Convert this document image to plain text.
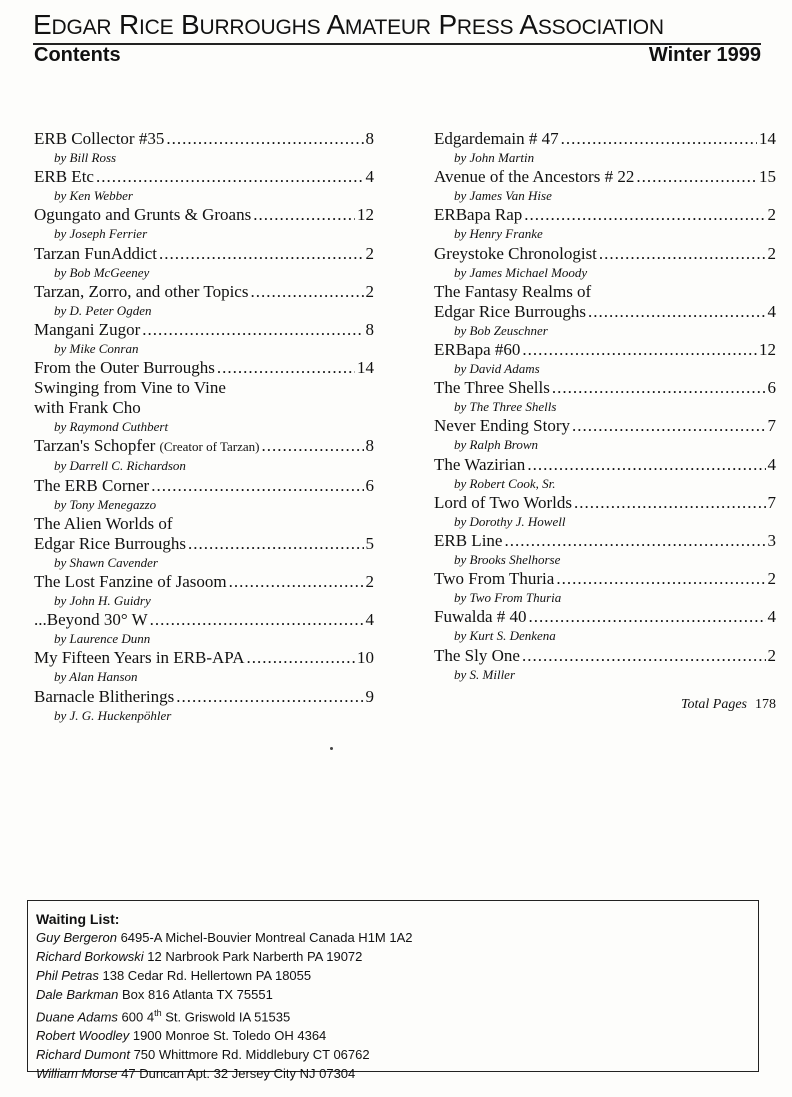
EDGAR RICE BURROUGHS AMATEUR PRESS ASSOCIATION
Contents	Winter 1999
ERB Collector #35 .....	8
by Bill Ross
ERB Etc .....	4
by Ken Webber
Ogungato and Grunts & Groans .....	12
by Joseph Ferrier
Tarzan FunAddict .....	2
by Bob McGeeney
Tarzan, Zorro, and other Topics .....	2
by D. Peter Ogden
Mangani Zugor .....	8
by Mike Conran
From the Outer Burroughs .....	14
Swinging from Vine to Vine
with Frank Cho
by Raymond Cuthbert
Tarzan's Schopfer
(Creator of Tarzan) .....	8
by Darrell C. Richardson
The ERB Corner .....	6
by Tony Menegazzo
The Alien Worlds of
Edgar Rice Burroughs .....	5
by Shawn Cavender
The Lost Fanzine of Jasoom .....	2
by John H. Guidry
...Beyond 30° W .....	4
by Laurence Dunn
My Fifteen Years in ERB-APA .....	10
by Alan Hanson
Barnacle Blitherings .....	9
by J. G. Huckenpöhler
Edgardemain # 47 .....	14
by John Martin
Avenue of the Ancestors # 22 .....	15
by James Van Hise
ERBapa Rap .....	2
by Henry Franke
Greystoke Chronologist .....	2
by James Michael Moody
The Fantasy Realms of
Edgar Rice Burroughs .....	4
by Bob Zeuschner
ERBapa #60 .....	12
by David Adams
The Three Shells .....	6
by The Three Shells
Never Ending Story .....	7
by Ralph Brown
The Wazirian .....	4
by Robert Cook, Sr.
Lord of Two Worlds .....	7
by Dorothy J. Howell
ERB Line .....	3
by Brooks Shelhorse
Two From Thuria .....	2
by Two From Thuria
Fuwalda # 40 .....	4
by Kurt S. Denkena
The Sly One .....	2
by S. Miller
Total Pages 178
Waiting List:
Guy Bergeron 6495-A Michel-Bouvier Montreal Canada H1M 1A2
Richard Borkowski 12 Narbrook Park Narberth PA 19072
Phil Petras 138 Cedar Rd. Hellertown PA 18055
Dale Barkman Box 816 Atlanta TX 75551
Duane Adams 600 4th St. Griswold IA 51535
Robert Woodley 1900 Monroe St. Toledo OH 4364
Richard Dumont 750 Whittmore Rd. Middlebury CT 06762
William Morse 47 Duncan Apt. 32 Jersey City NJ 07304
